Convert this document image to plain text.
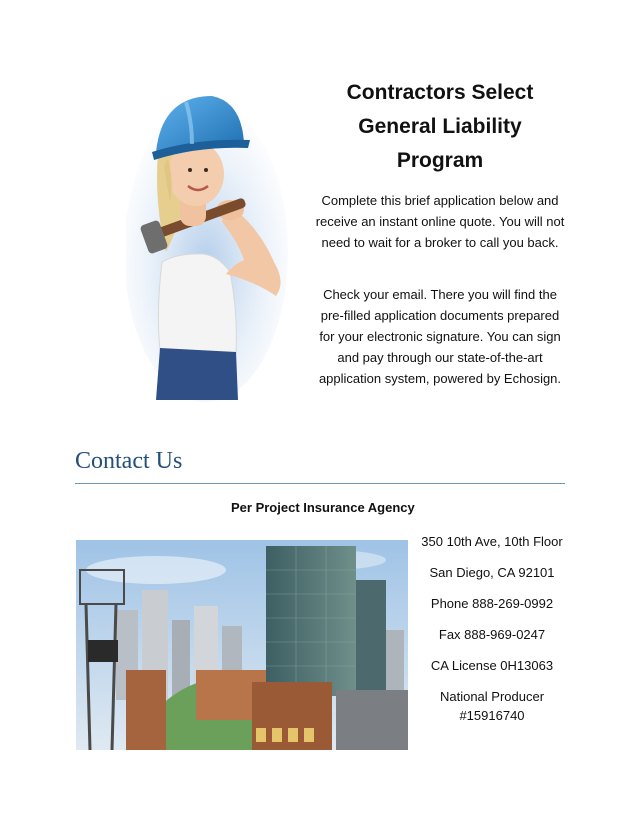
Contractors Select
General Liability
Program
Complete this brief application below and receive an instant online quote. You will not need to wait for a broker to call you back.
Check your email. There you will find the pre-filled application documents prepared for your electronic signature. You can sign and pay through our state-of-the-art application system, powered by Echosign.
Contact Us
Per Project Insurance Agency
350 10th Ave, 10th Floor
San Diego, CA 92101
Phone 888-269-0992
Fax 888-969-0247
CA License 0H13063
National Producer #15916740
